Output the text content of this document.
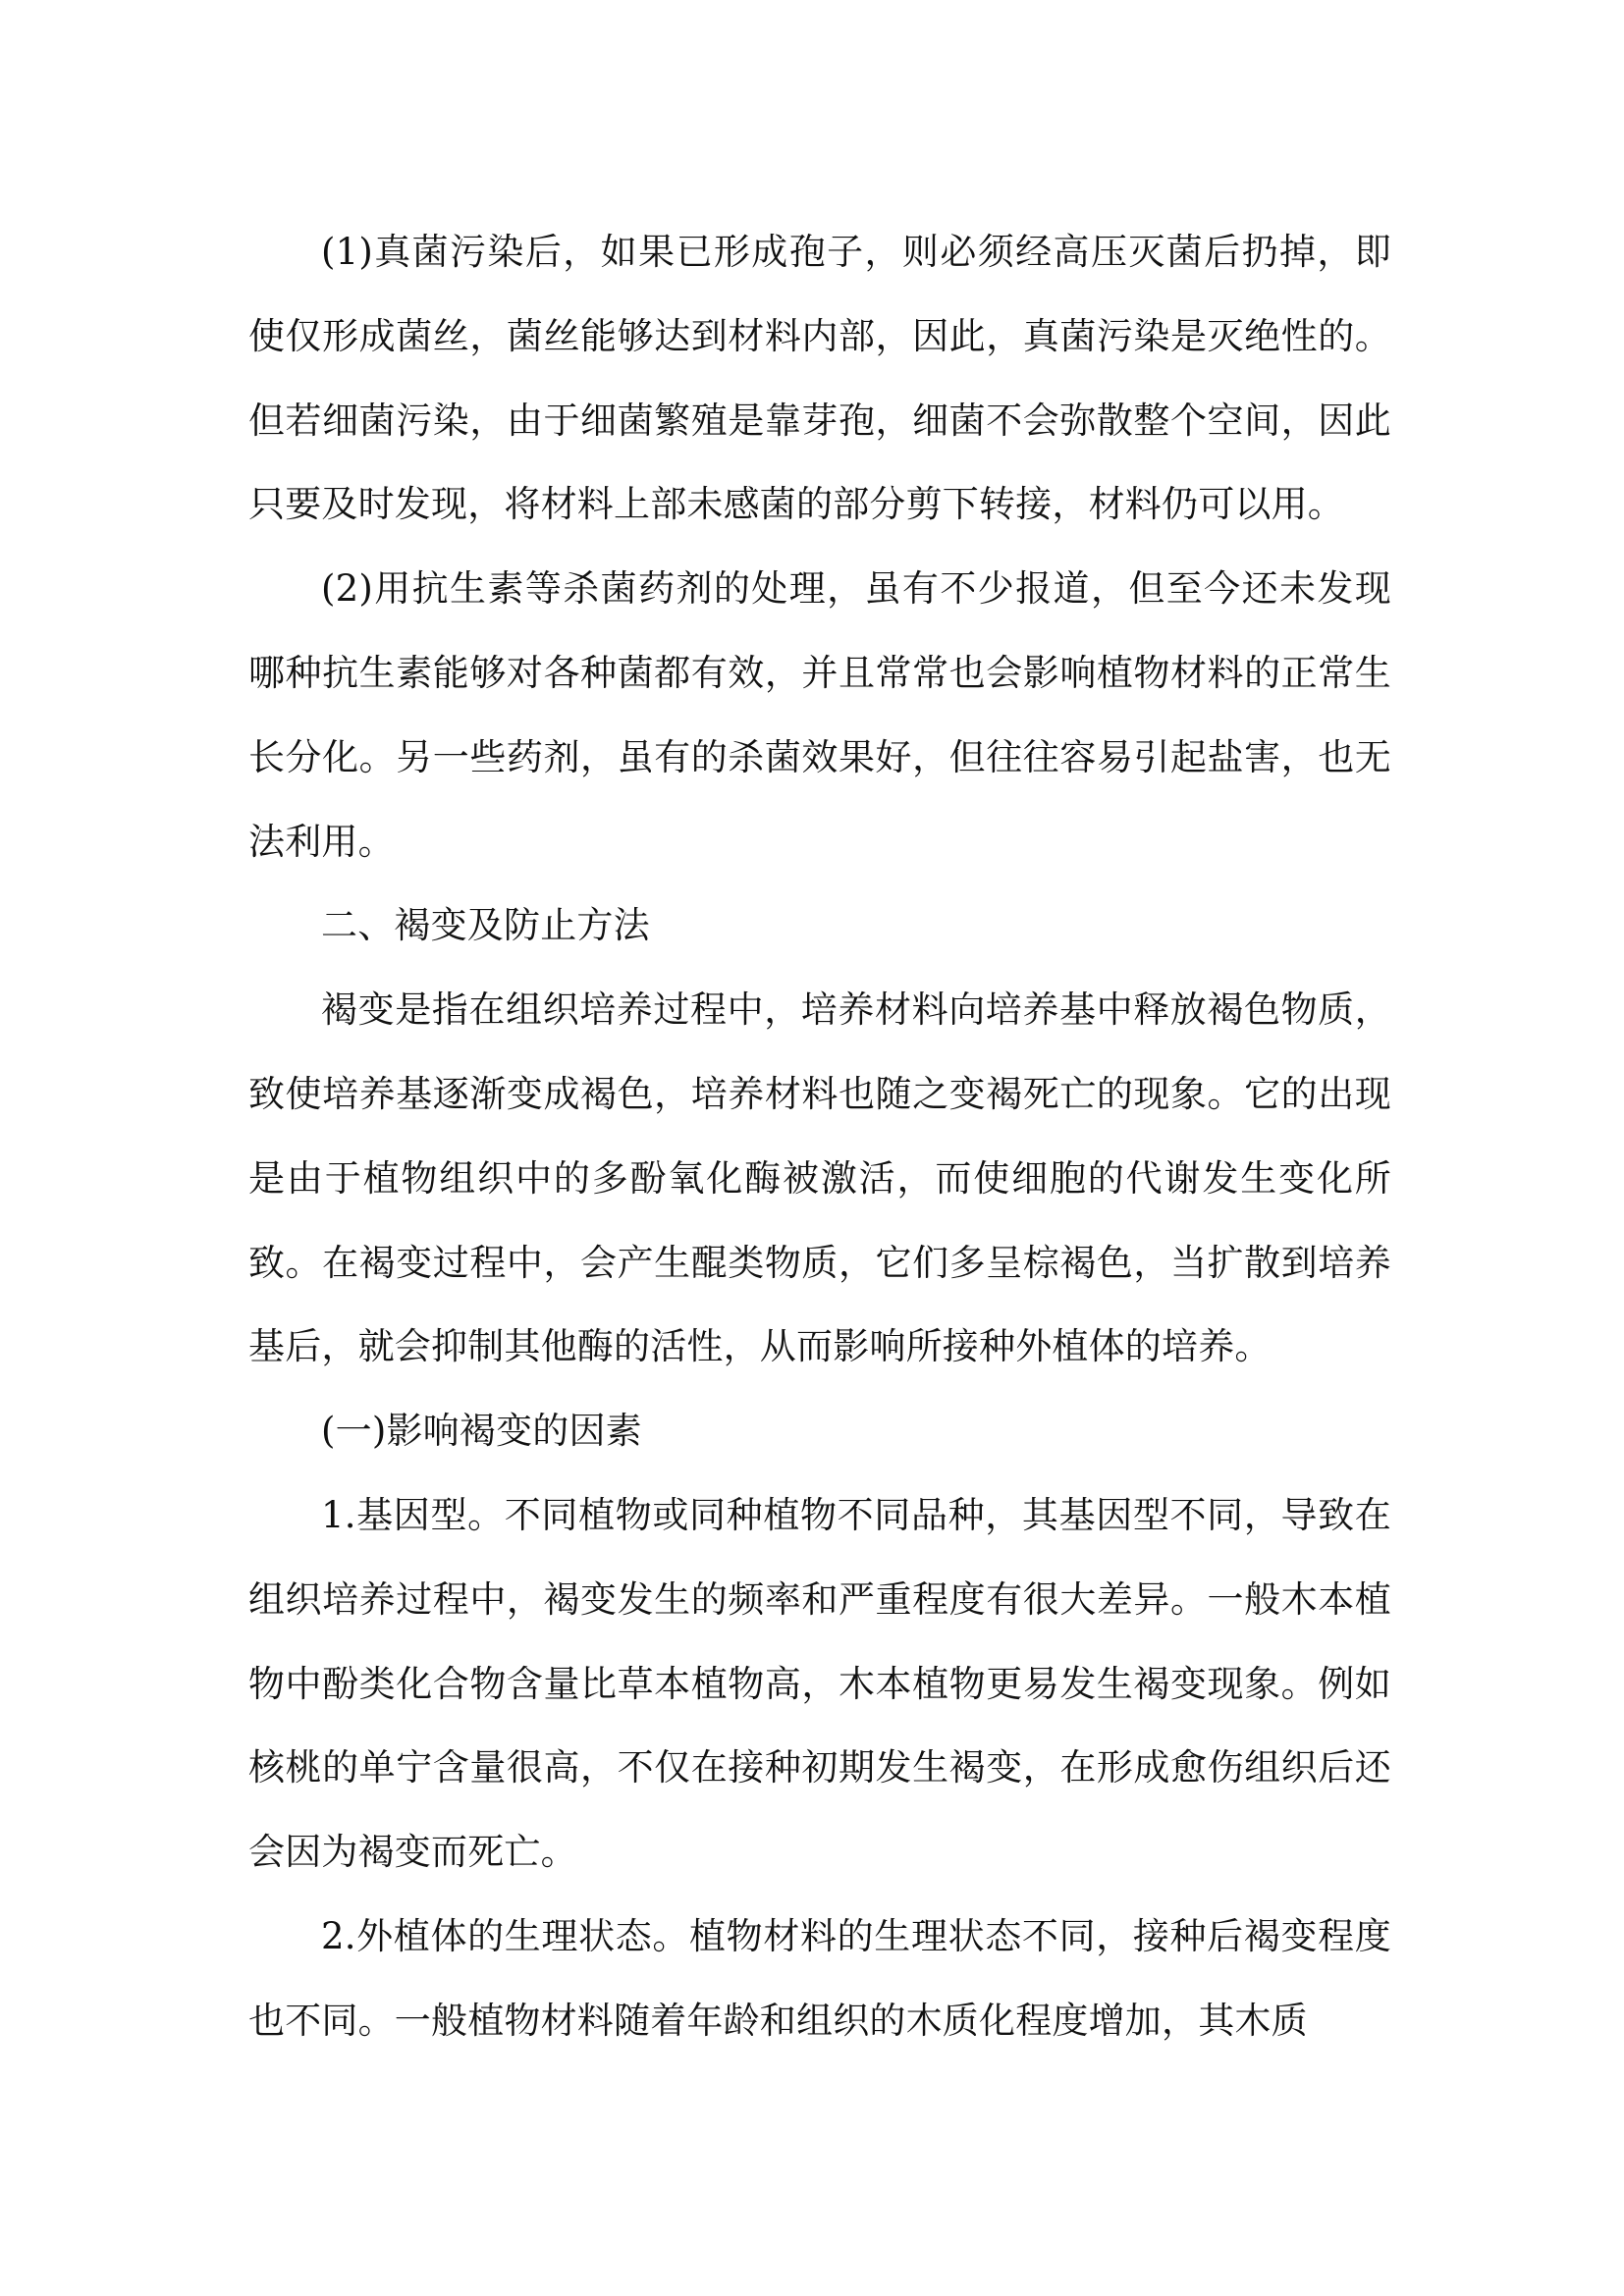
(1)真菌污染后，如果已形成孢子，则必须经高压灭菌后扔掉，即使仅形成菌丝，菌丝能够达到材料内部，因此，真菌污染是灭绝性的。但若细菌污染，由于细菌繁殖是靠芽孢，细菌不会弥散整个空间，因此只要及时发现，将材料上部未感菌的部分剪下转接，材料仍可以用。

(2)用抗生素等杀菌药剂的处理，虽有不少报道，但至今还未发现哪种抗生素能够对各种菌都有效，并且常常也会影响植物材料的正常生长分化。另一些药剂，虽有的杀菌效果好，但往往容易引起盐害，也无法利用。

二、褐变及防止方法

褐变是指在组织培养过程中，培养材料向培养基中释放褐色物质，致使培养基逐渐变成褐色，培养材料也随之变褐死亡的现象。它的出现是由于植物组织中的多酚氧化酶被激活，而使细胞的代谢发生变化所致。在褐变过程中，会产生醌类物质，它们多呈棕褐色，当扩散到培养基后，就会抑制其他酶的活性，从而影响所接种外植体的培养。

(一)影响褐变的因素

1.基因型。不同植物或同种植物不同品种，其基因型不同，导致在组织培养过程中，褐变发生的频率和严重程度有很大差异。一般木本植物中酚类化合物含量比草本植物高，木本植物更易发生褐变现象。例如核桃的单宁含量很高，不仅在接种初期发生褐变，在形成愈伤组织后还会因为褐变而死亡。

2.外植体的生理状态。植物材料的生理状态不同，接种后褐变程度也不同。一般植物材料随着年龄和组织的木质化程度增加，其木质
